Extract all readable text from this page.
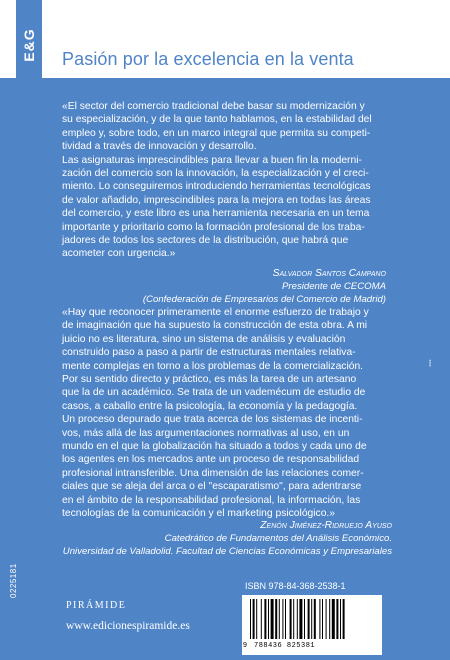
E&G Pasión por la excelencia en la venta
«El sector del comercio tradicional debe basar su modernización y
su especialización, y de la que tanto hablamos, en la estabilidad del
empleo y, sobre todo, en un marco integral que permita su competi-
tividad a través de innovación y desarrollo.
Las asignaturas imprescindibles para llevar a buen fin la moderni-
zación del comercio son la innovación, la especialización y el creci-
miento. Lo conseguiremos introduciendo herramientas tecnológicas
de valor añadido, imprescindibles para la mejora en todas las áreas
del comercio, y este libro es una herramienta necesaria en un tema
importante y prioritario como la formación profesional de los traba-
jadores de todos los sectores de la distribución, que habrá que
acometer con urgencia.»
Salvador Santos Campano
Presidente de CECOMA
(Confederación de Empresarios del Comercio de Madrid)
«Hay que reconocer primeramente el enorme esfuerzo de trabajo y
de imaginación que ha supuesto la construcción de esta obra. A mi
juicio no es literatura, sino un sistema de análisis y evaluación
construido paso a paso a partir de estructuras mentales relativa-
mente complejas en torno a los problemas de la comercialización.
Por su sentido directo y práctico, es más la tarea de un artesano
que la de un académico. Se trata de un vademécum de estudio de
casos, a caballo entre la psicología, la economía y la pedagogía.
Un proceso depurado que trata acerca de los sistemas de incenti-
vos, más allá de las argumentaciones normativas al uso, en un
mundo en el que la globalización ha situado a todos y cada uno de
los agentes en los mercados ante un proceso de responsabilidad
profesional intransferible. Una dimensión de las relaciones comer-
ciales que se aleja del arca o el "escaparatismo", para adentrarse
en el ámbito de la responsabilidad profesional, la información, las
tecnologías de la comunicación y el marketing psicológico.»
Zenón Jiménez-Ridruejo Ayuso
Catedrático de Fundamentos del Análisis Económico.
Universidad de Valladolid. Facultad de Ciencias Económicas y Empresariales
▪▪▪▪
0225181	ISBN 978-84-368-2538-1
9 788436 825381
PIRÁMIDE
www.edicionespiramide.es
